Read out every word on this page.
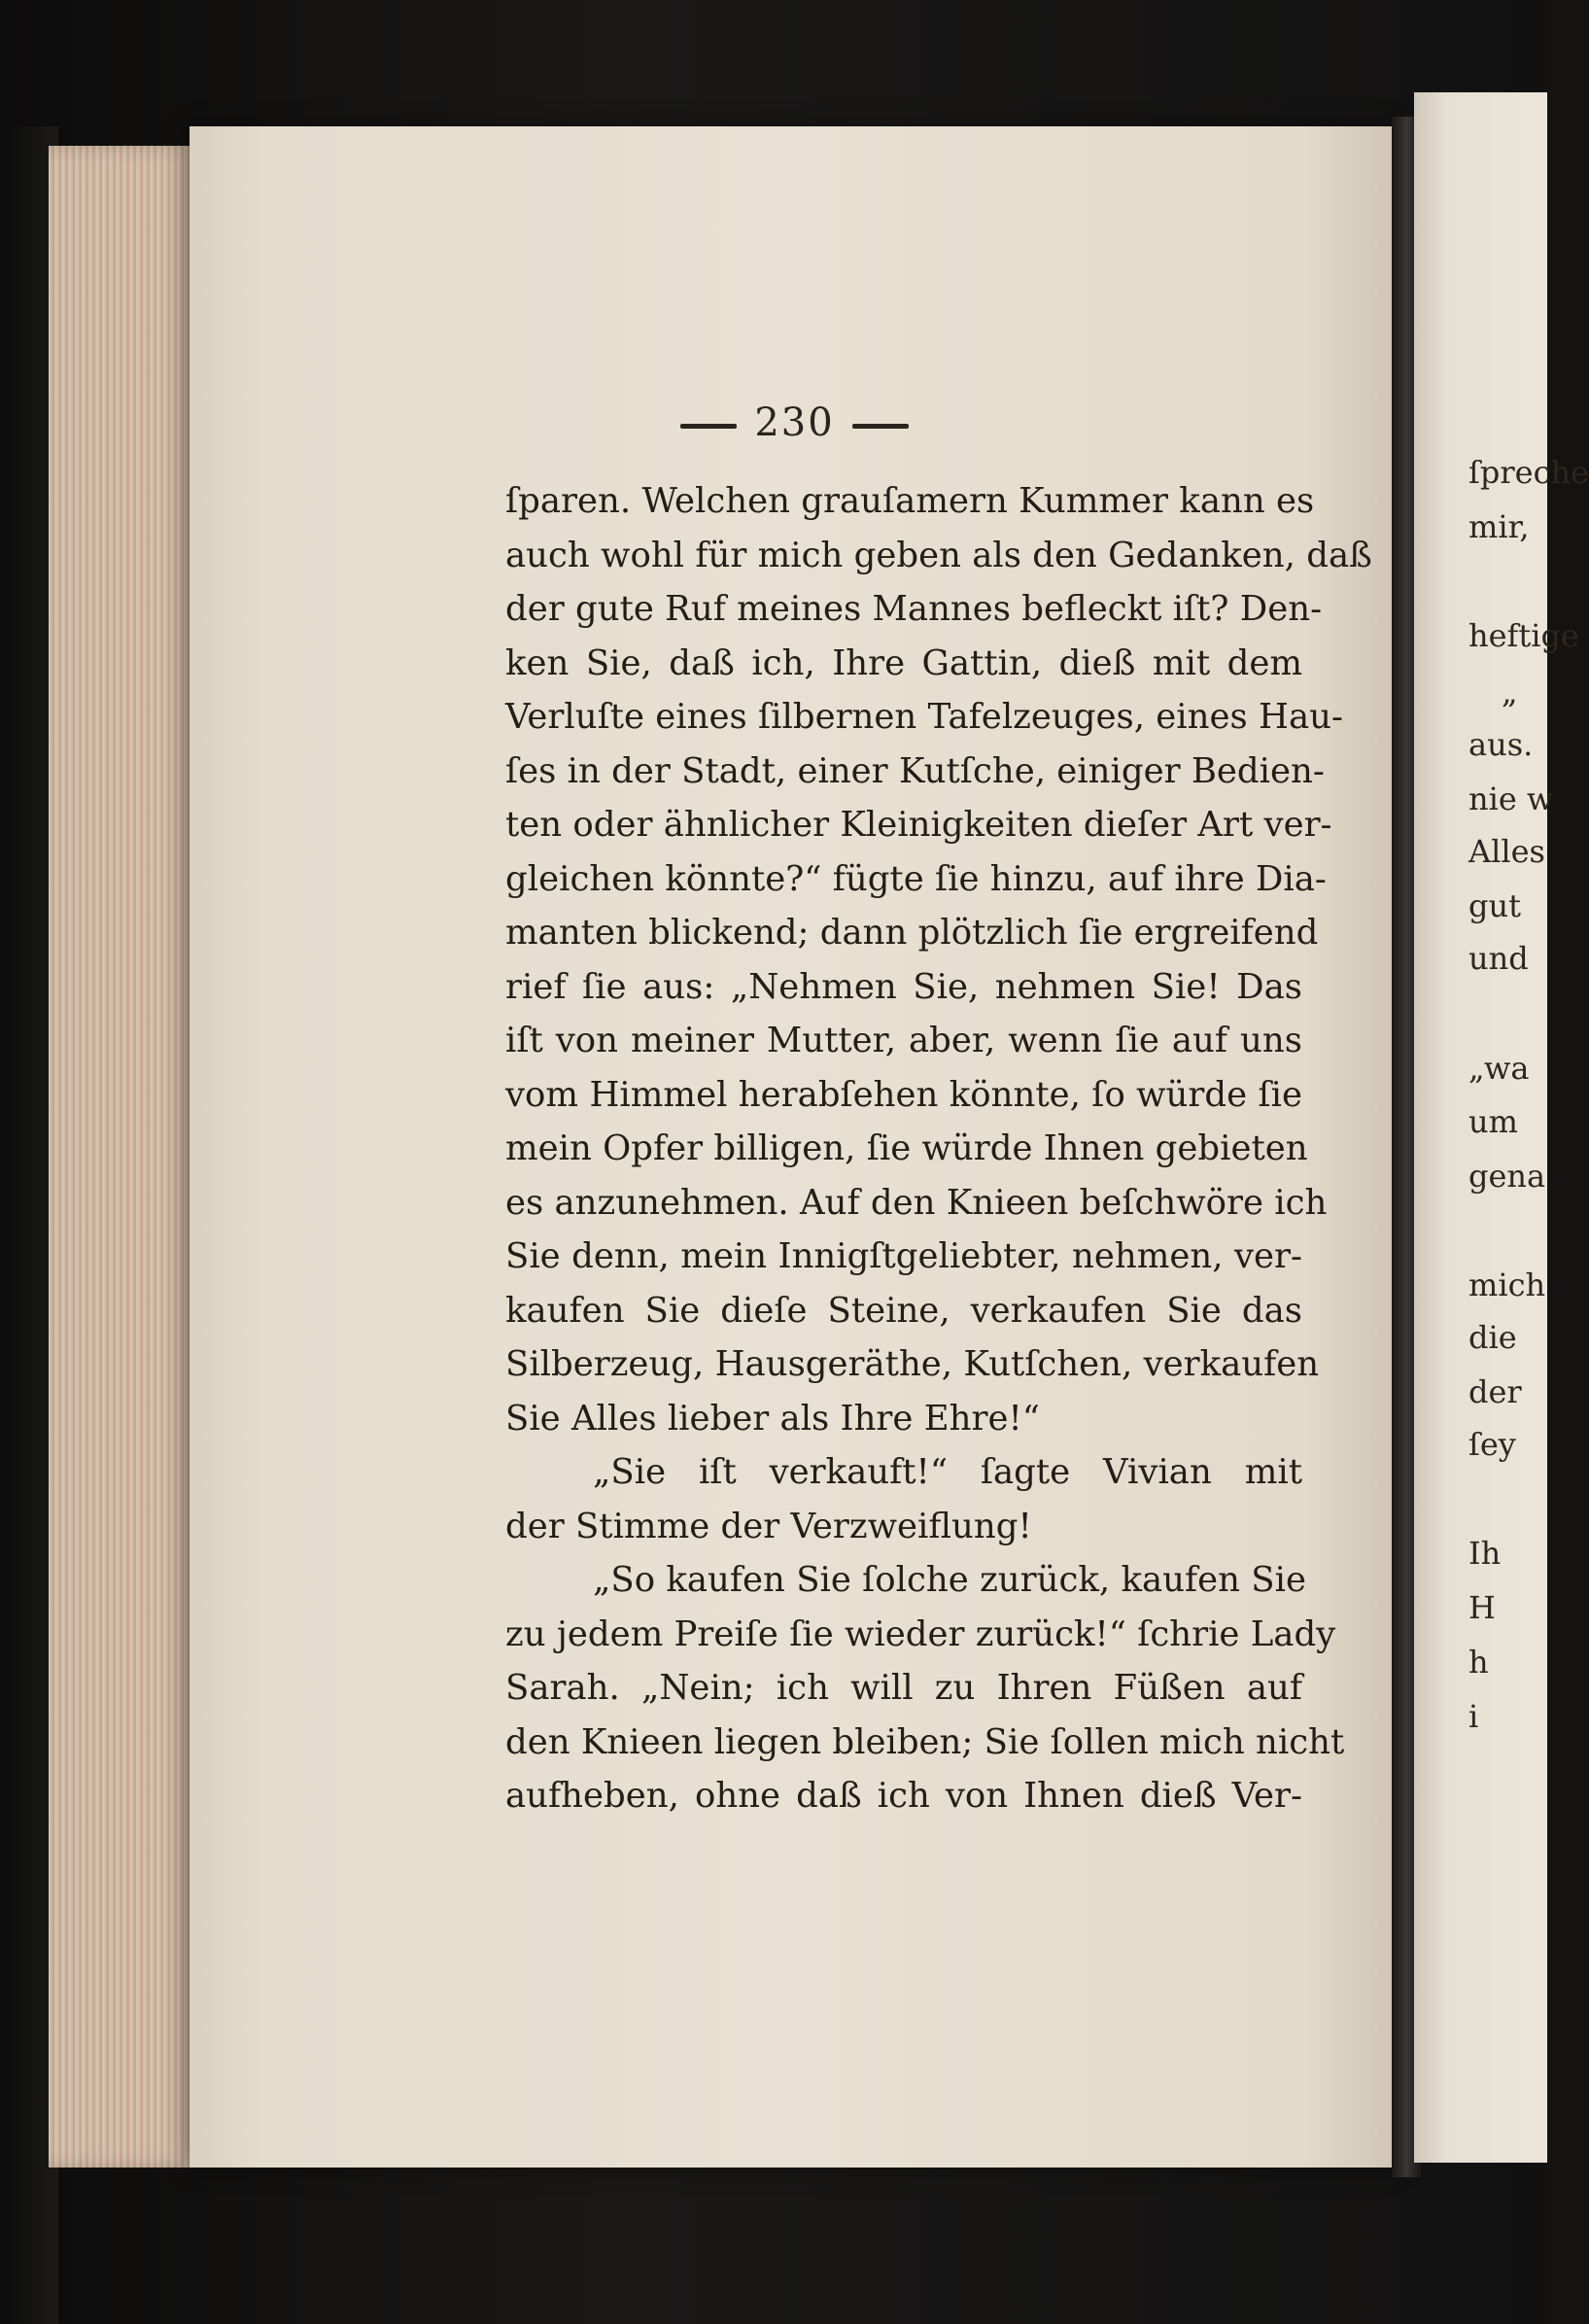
230
ſparen. Welchen grauſamern Kummer kann es
auch wohl für mich geben als den Gedanken, daß
der gute Ruf meines Mannes befleckt iſt? Den-
ken Sie, daß ich, Ihre Gattin, dieß mit dem
Verluſte eines ſilbernen Tafelzeuges, eines Hau-
ſes in der Stadt, einer Kutſche, einiger Bedien-
ten oder ähnlicher Kleinigkeiten dieſer Art ver-
gleichen könnte?“ fügte ſie hinzu, auf ihre Dia-
manten blickend; dann plötzlich ſie ergreifend
rief ſie aus: „Nehmen Sie, nehmen Sie! Das
iſt von meiner Mutter, aber, wenn ſie auf uns
vom Himmel herabſehen könnte, ſo würde ſie
mein Opfer billigen, ſie würde Ihnen gebieten
es anzunehmen. Auf den Knieen beſchwöre ich
Sie denn, mein Innigſtgeliebter, nehmen, ver-
kaufen Sie dieſe Steine, verkaufen Sie das
Silberzeug, Hausgeräthe, Kutſchen, verkaufen
Sie Alles lieber als Ihre Ehre!“
„Sie iſt verkauft!“ ſagte Vivian mit
der Stimme der Verzweiflung!
„So kaufen Sie ſolche zurück, kaufen Sie
zu jedem Preiſe ſie wieder zurück!“ ſchrie Lady
Sarah. „Nein; ich will zu Ihren Füßen auf
den Knieen liegen bleiben; Sie ſollen mich nicht
aufheben, ohne daß ich von Ihnen dieß Ver-
ſpreche
mir,
heftige
„
aus.
nie w
Alles
gut
und
„wa
um
gena
mich
die
der
ſey
Ih
H
h
i
